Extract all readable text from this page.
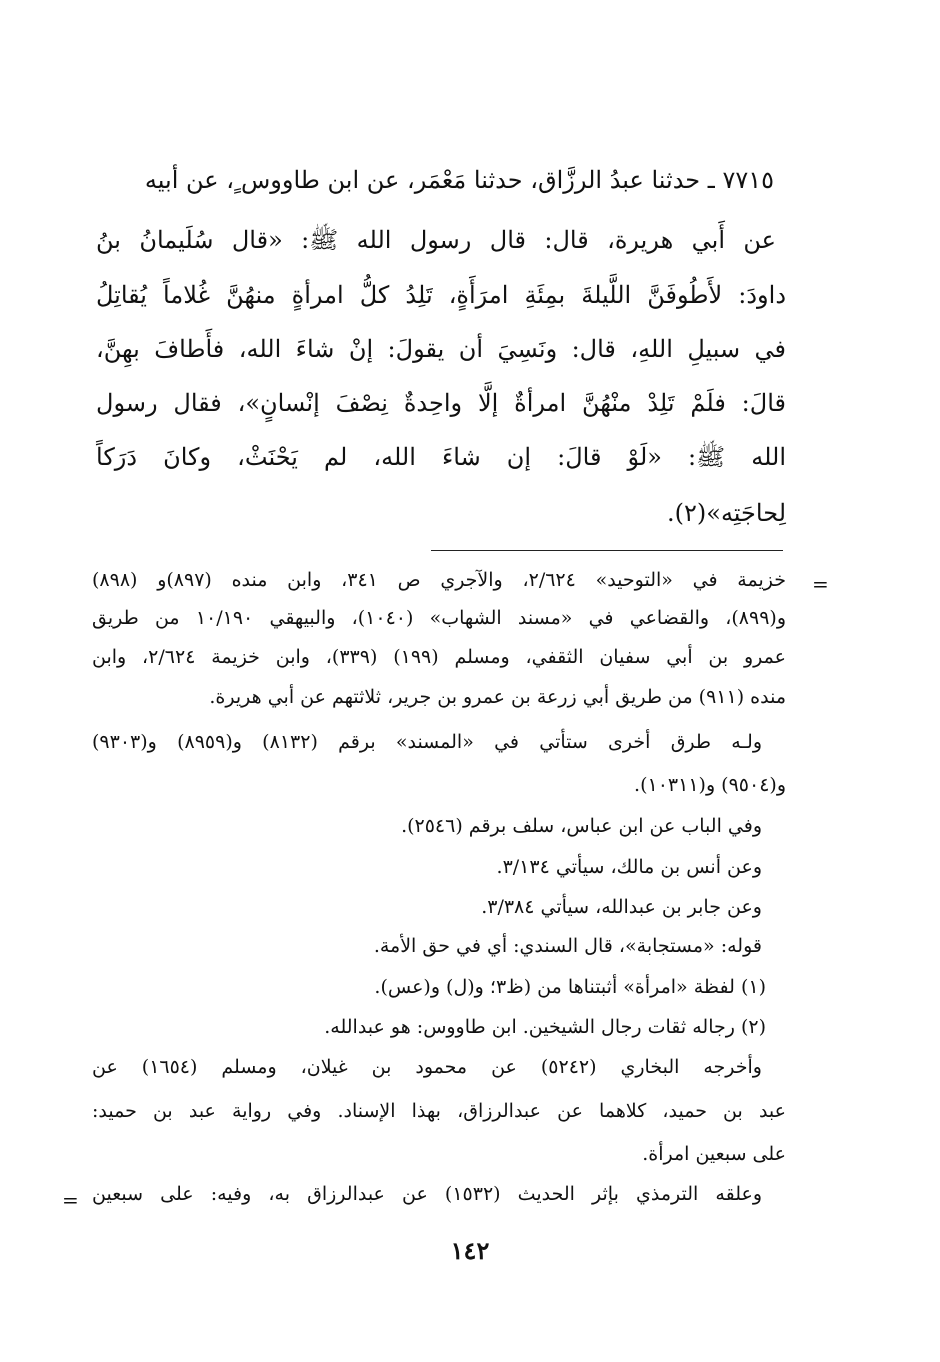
٧٧١٥ ـ حدثنا عبدُ الرزَّاق، حدثنا مَعْمَر، عن ابن طاووس ٍ، عن أبيه
عن أَبي هريرة، قال: قال رسول الله ﷺ: «قال سُلَيمانُ بنُ
داودَ: لأَطُوفَنَّ اللَّيلةَ بمِئَةِ امرَأَةٍ، تَلِدُ كلُّ امرأةٍ منهُنَّ غُلاماً يُقاتِلُ
في سبيلِ اللهِ، قال: ونَسِيَ أن يقولَ: إنْ شاءَ الله، فأَطافَ بهِنَّ،
قالَ: فلَمْ تَلِدْ منْهُنَّ امرأةٌ إلَّا واحِدةٌ نِصْفَ إنْسانٍ»، فقال رسول
الله ﷺ: «لَوْ قالَ: إن شاءَ الله، لم يَحْنَثْ، وكانَ دَرَكاً
لِحاجَتِه»(٢).
=
=
خزيمة في «التوحيد» ٢/٦٢٤، والآجري ص ٣٤١، وابن منده (٨٩٧)و (٨٩٨)
و(٨٩٩)، والقضاعي في «مسند الشهاب» (١٠٤٠)، والبيهقي ١٠/١٩٠ من طريق
عمرو بن أبي سفيان الثقفي، ومسلم (١٩٩) (٣٣٩)، وابن خزيمة ٢/٦٢٤، وابن
منده (٩١١) من طريق أبي زرعة بن عمرو بن جرير، ثلاثتهم عن أبي هريرة.
ولـه طرق أخرى ستأتي في «المسند» برقم (٨١٣٢) و(٨٩٥٩) و(٩٣٠٣)
و(٩٥٠٤) و(١٠٣١١).
وفي الباب عن ابن عباس، سلف برقم (٢٥٤٦).
وعن أنس بن مالك، سيأتي ٣/١٣٤.
وعن جابر بن عبدالله، سيأتي ٣/٣٨٤.
قوله: «مستجابة»، قال السندي: أي في حق الأمة.
(١) لفظة «امرأة» أثبتناها من (ظ٣؛ و(ل) و(عس).
(٢) رجاله ثقات رجال الشيخين. ابن طاووس: هو عبدالله.
وأخرجه البخاري (٥٢٤٢) عن محمود بن غيلان، ومسلم (١٦٥٤) عن
عبد بن حميد، كلاهما عن عبدالرزاق، بهذا الإسناد. وفي رواية عبد بن حميد:
على سبعين امرأة.
وعلقه الترمذي بإثر الحديث (١٥٣٢) عن عبدالرزاق به، وفيه: على سبعين
١٤٢
